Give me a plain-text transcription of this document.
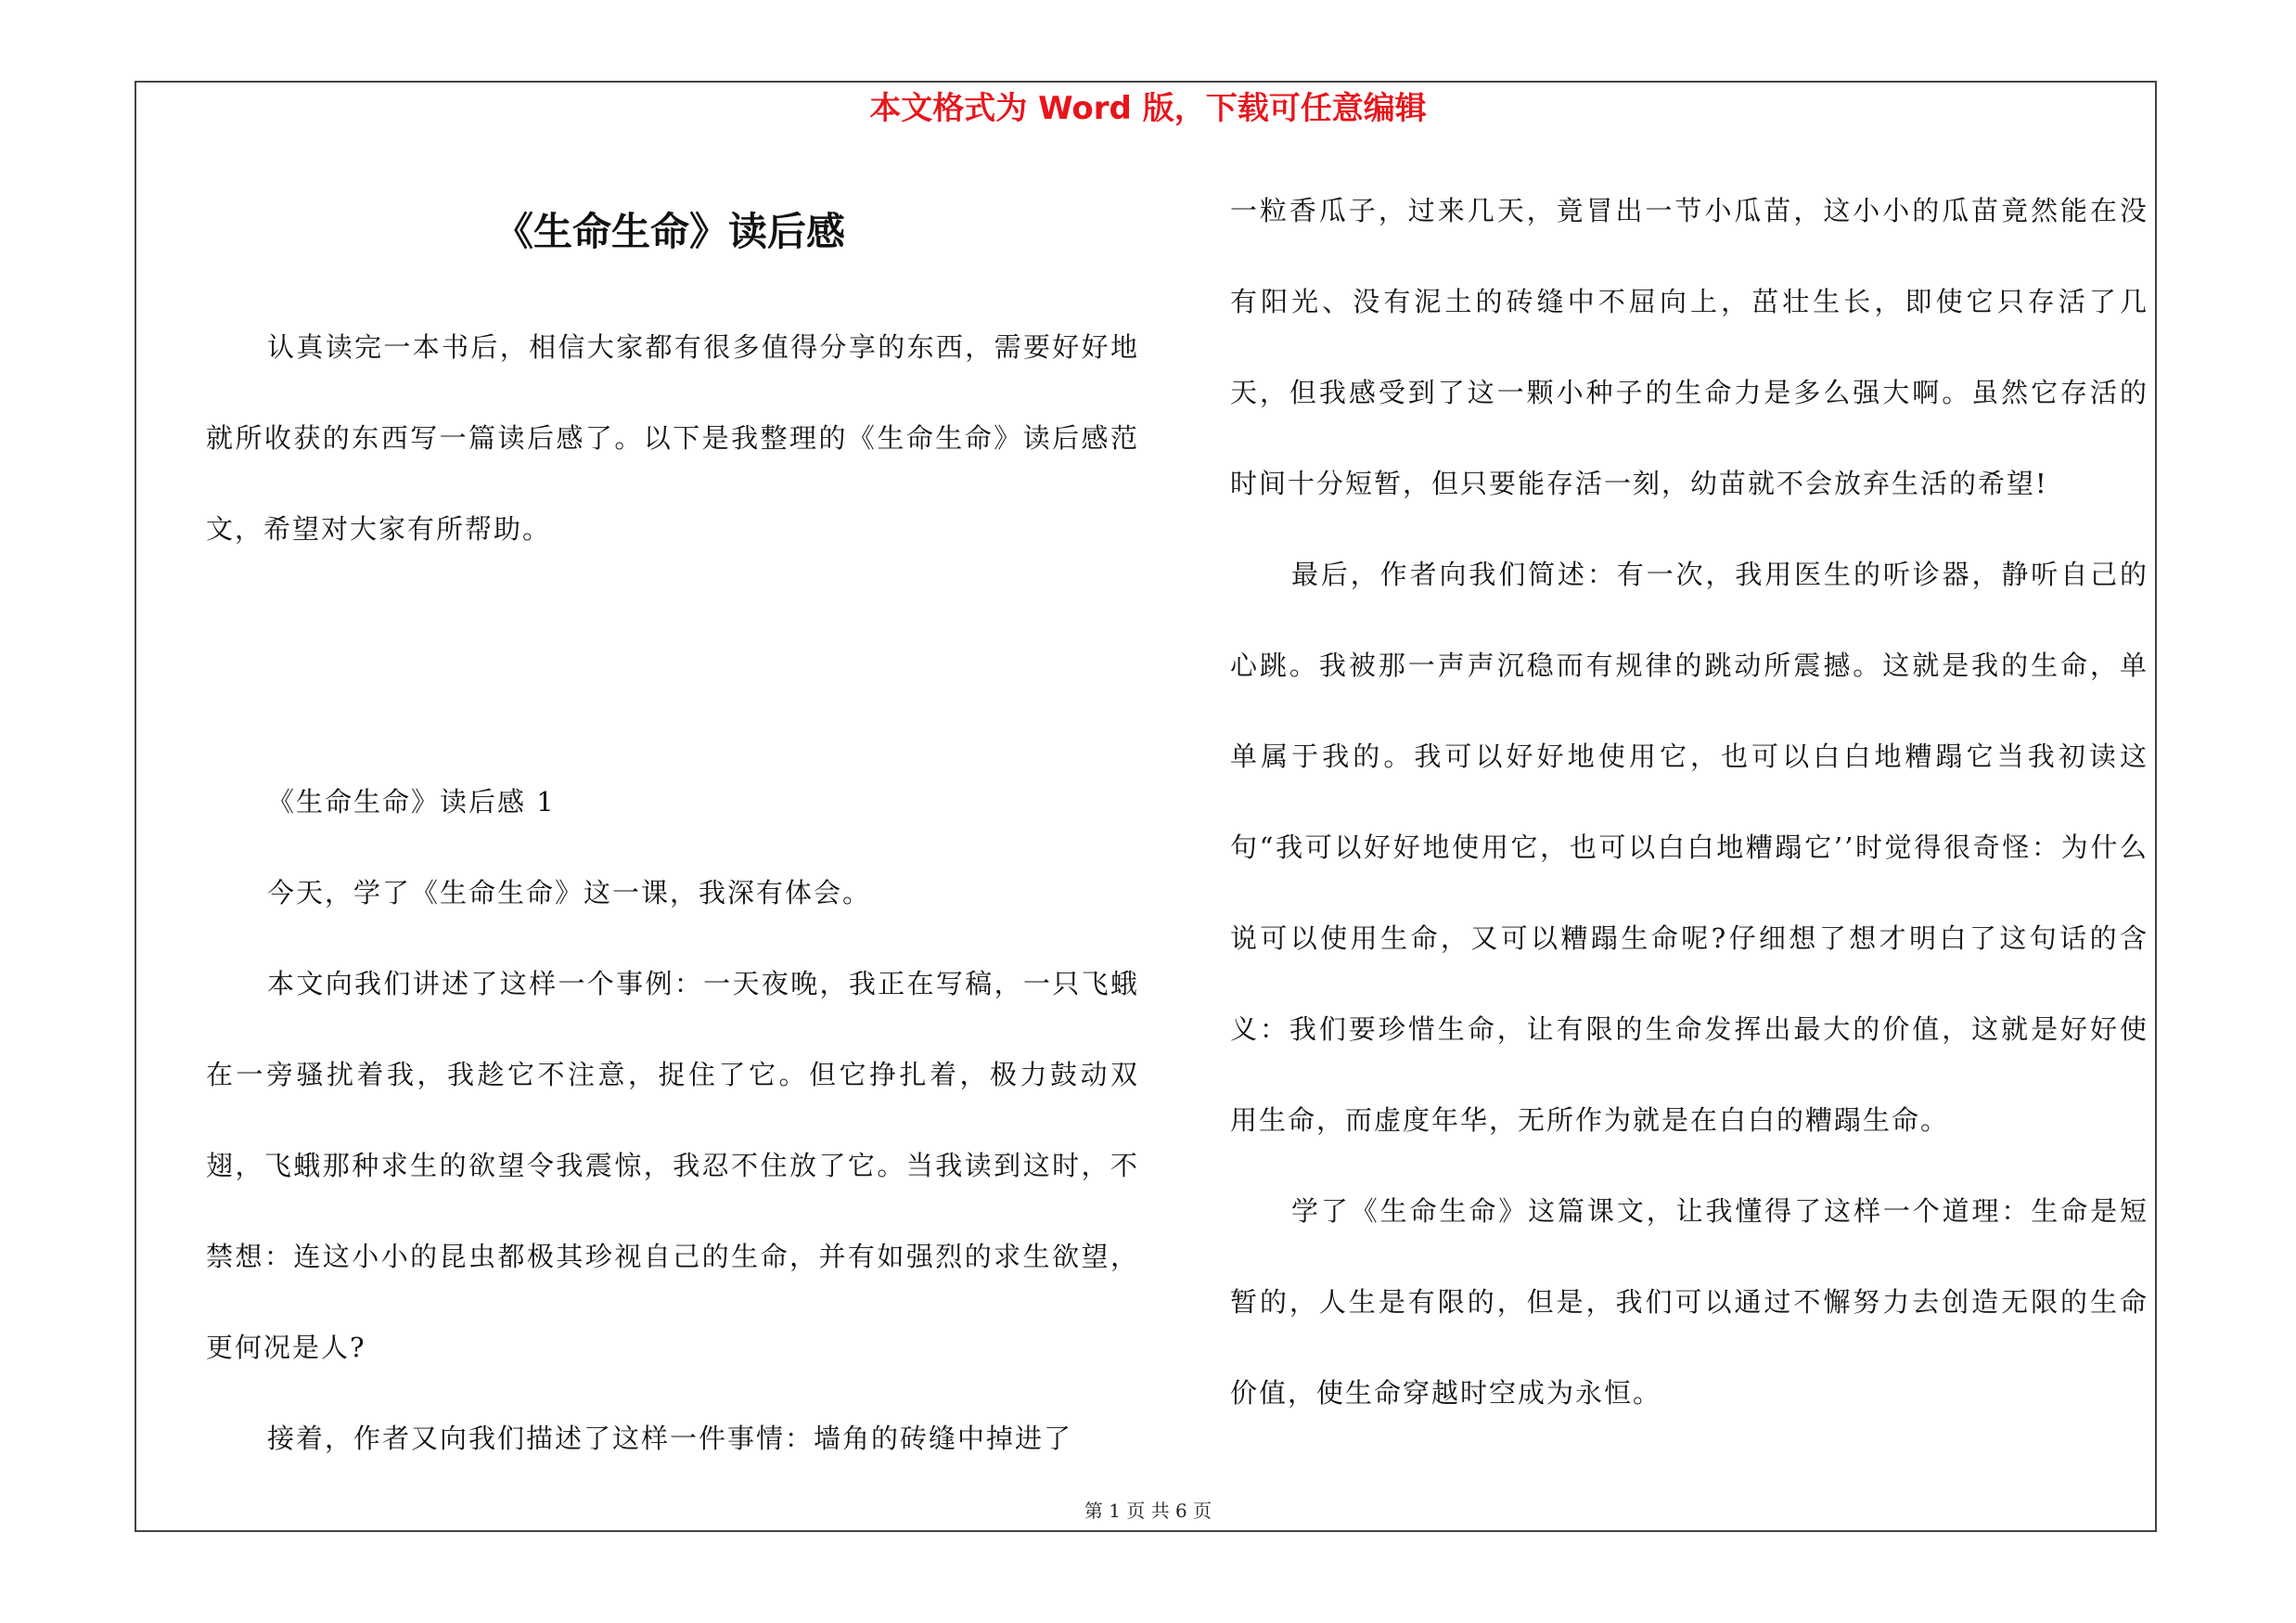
本文格式为 Word 版，下载可任意编辑
《生命生命》读后感

认真读完一本书后，相信大家都有很多值得分享的东西，需要好好地就所收获的东西写一篇读后感了。以下是我整理的《生命生命》读后感范文，希望对大家有所帮助。

《生命生命》读后感 1

今天，学了《生命生命》这一课，我深有体会。

本文向我们讲述了这样一个事例：一天夜晚，我正在写稿，一只飞蛾在一旁骚扰着我，我趁它不注意，捉住了它。但它挣扎着，极力鼓动双翅，飞蛾那种求生的欲望令我震惊，我忍不住放了它。当我读到这时，不禁想：连这小小的昆虫都极其珍视自己的生命，并有如强烈的求生欲望，更何况是人?

接着，作者又向我们描述了这样一件事情：墙角的砖缝中掉进了

一粒香瓜子，过来几天，竟冒出一节小瓜苗，这小小的瓜苗竟然能在没有阳光、没有泥土的砖缝中不屈向上，茁壮生长，即使它只存活了几天，但我感受到了这一颗小种子的生命力是多么强大啊。虽然它存活的时间十分短暂，但只要能存活一刻，幼苗就不会放弃生活的希望!

最后，作者向我们简述：有一次，我用医生的听诊器，静听自己的心跳。我被那一声声沉稳而有规律的跳动所震撼。这就是我的生命，单单属于我的。我可以好好地使用它，也可以白白地糟蹋它当我初读这句“我可以好好地使用它，也可以白白地糟蹋它’’时觉得很奇怪：为什么说可以使用生命，又可以糟蹋生命呢?仔细想了想才明白了这句话的含义：我们要珍惜生命，让有限的生命发挥出最大的价值，这就是好好使用生命，而虚度年华，无所作为就是在白白的糟蹋生命。

学了《生命生命》这篇课文，让我懂得了这样一个道理：生命是短暂的，人生是有限的，但是，我们可以通过不懈努力去创造无限的生命价值，使生命穿越时空成为永恒。

第 1 页 共 6 页
